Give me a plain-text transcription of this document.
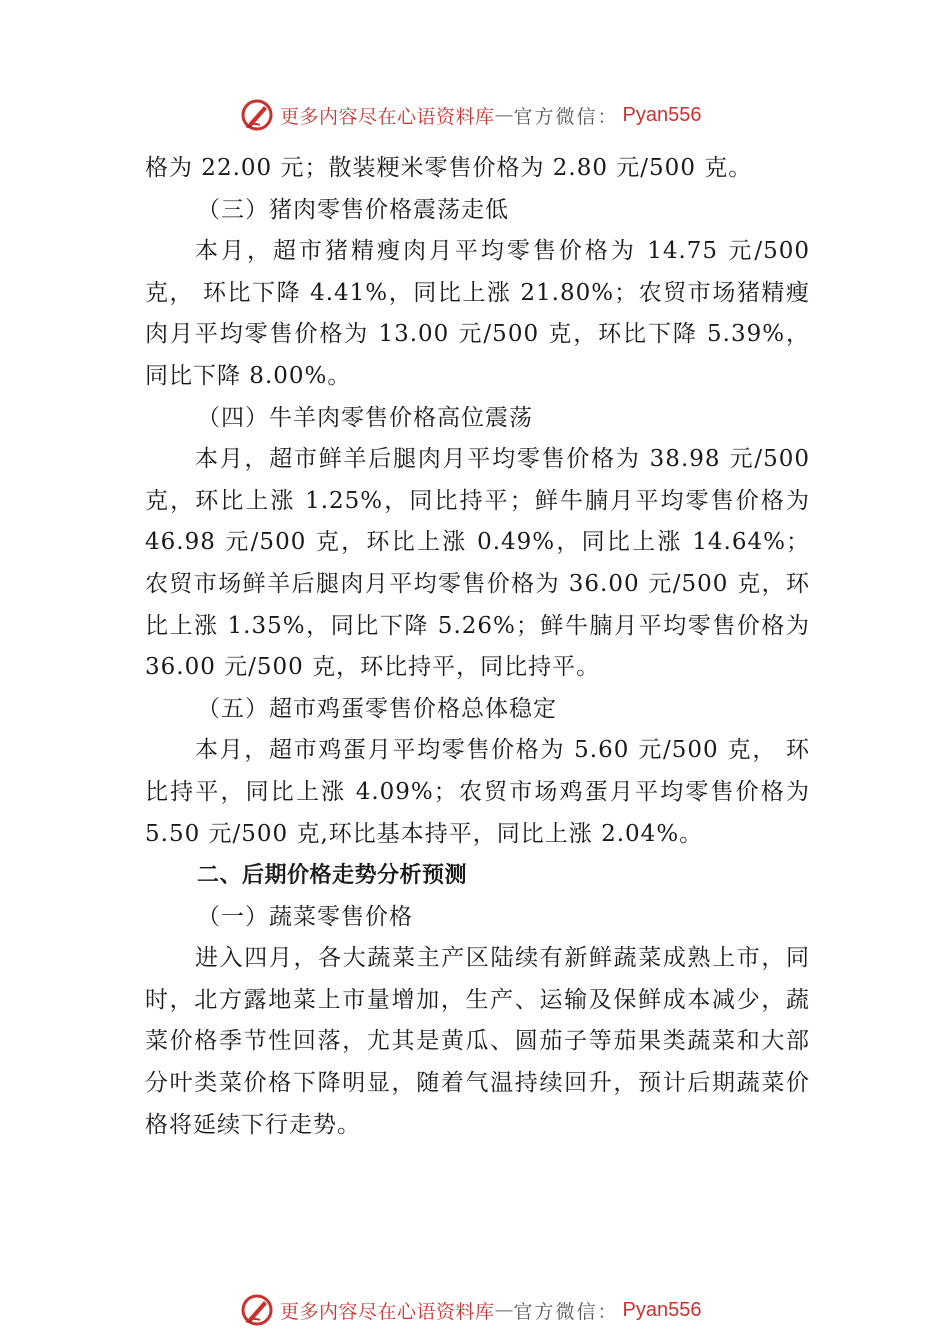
更多内容尽在心语资料库 — 官方微信： Pyan556

格为 22.00 元；散装粳米零售价格为 2.80 元/500 克。

（三）猪肉零售价格震荡走低

本月，超市猪精瘦肉月平均零售价格为 14.75 元/500 克， 环比下降 4.41%，同比上涨 21.80%；农贸市场猪精瘦肉月平均零售价格为 13.00 元/500 克，环比下降 5.39%，同比下降 8.00%。

（四）牛羊肉零售价格高位震荡

本月，超市鲜羊后腿肉月平均零售价格为 38.98 元/500 克，环比上涨 1.25%，同比持平；鲜牛腩月平均零售价格为 46.98 元/500 克，环比上涨 0.49%，同比上涨 14.64%；农贸市场鲜羊后腿肉月平均零售价格为 36.00 元/500 克，环比上涨 1.35%，同比下降 5.26%；鲜牛腩月平均零售价格为 36.00 元/500 克，环比持平，同比持平。

（五）超市鸡蛋零售价格总体稳定

本月，超市鸡蛋月平均零售价格为 5.60 元/500 克， 环比持平，同比上涨 4.09%；农贸市场鸡蛋月平均零售价格为 5.50 元/500 克,环比基本持平，同比上涨 2.04%。

二、后期价格走势分析预测

（一）蔬菜零售价格

进入四月，各大蔬菜主产区陆续有新鲜蔬菜成熟上市，同时，北方露地菜上市量增加，生产、运输及保鲜成本减少，蔬菜价格季节性回落，尤其是黄瓜、圆茄子等茄果类蔬菜和大部分叶类菜价格下降明显，随着气温持续回升，预计后期蔬菜价格将延续下行走势。

更多内容尽在心语资料库 — 官方微信： Pyan556
